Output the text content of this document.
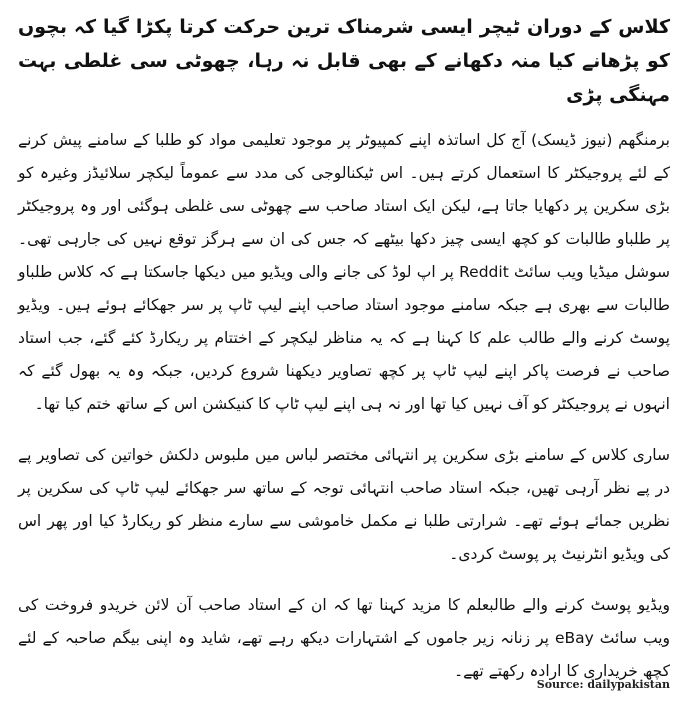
کلاس کے دوران ٹیچر ایسی شرمناک ترین حرکت کرتا پکڑا گیا کہ بچوں کو پڑھانے کیا منہ دکھانے کے بھی قابل نہ رہا، چھوٹی سی غلطی بہت مہنگی پڑی

برمنگھم (نیوز ڈیسک) آج کل اساتذہ اپنے کمپیوٹر پر موجود تعلیمی مواد کو طلبا کے سامنے پیش کرنے کے لئے پروجیکٹر کا استعمال کرتے ہیں۔ اس ٹیکنالوجی کی مدد سے عموماً لیکچر سلائیڈز وغیرہ کو بڑی سکرین پر دکھایا جاتا ہے، لیکن ایک استاد صاحب سے چھوٹی سی غلطی ہوگئی اور وہ پروجیکٹر پر طلباو طالبات کو کچھ ایسی چیز دکھا بیٹھے کہ جس کی ان سے ہرگز توقع نہیں کی جارہی تھی۔ سوشل میڈیا ویب سائٹ Reddit پر اپ لوڈ کی جانے والی ویڈیو میں دیکھا جاسکتا ہے کہ کلاس طلباو طالبات سے بھری ہے جبکہ سامنے موجود استاد صاحب اپنے لیپ ٹاپ پر سر جھکائے ہوئے ہیں۔ ویڈیو پوسٹ کرنے والے طالب علم کا کہنا ہے کہ یہ مناظر لیکچر کے اختتام پر ریکارڈ کئے گئے، جب استاد صاحب نے فرصت پاکر اپنے لیپ ٹاپ پر کچھ تصاویر دیکھنا شروع کردیں، جبکہ وہ یہ بھول گئے کہ انہوں نے پروجیکٹر کو آف نہیں کیا تھا اور نہ ہی اپنے لیپ ٹاپ کا کنیکشن اس کے ساتھ ختم کیا تھا۔

ساری کلاس کے سامنے بڑی سکرین پر انتہائی مختصر لباس میں ملبوس دلکش خواتین کی تصاویر پے در پے نظر آرہی تھیں، جبکہ استاد صاحب انتہائی توجہ کے ساتھ سر جھکائے لیپ ٹاپ کی سکرین پر نظریں جمائے ہوئے تھے۔ شرارتی طلبا نے مکمل خاموشی سے سارے منظر کو ریکارڈ کیا اور پھر اس کی ویڈیو انٹرنیٹ پر پوسٹ کردی۔

ویڈیو پوسٹ کرنے والے طالبعلم کا مزید کہنا تھا کہ ان کے استاد صاحب آن لائن خریدو فروخت کی ویب سائٹ eBay پر زنانہ زیر جاموں کے اشتہارات دیکھ رہے تھے، شاید وہ اپنی بیگم صاحبہ کے لئے کچھ خریداری کا ارادہ رکھتے تھے۔

Source: dailypakistan
